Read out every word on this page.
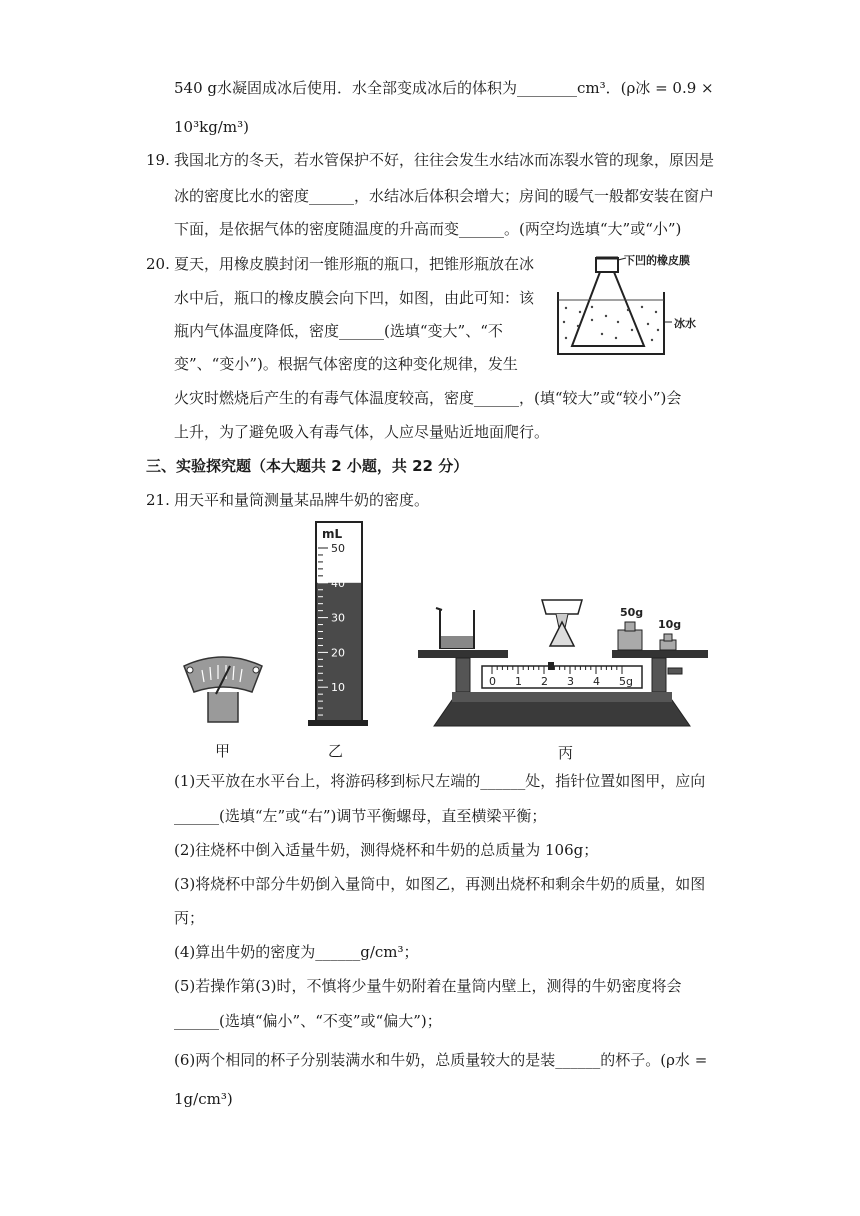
540 g水凝固成冰后使用．水全部变成冰后的体积为________cm³．(ρ冰 = 0.9 ×
10³kg/m³)
19. 我国北方的冬天，若水管保护不好，往往会发生水结冰而冻裂水管的现象，原因是
冰的密度比水的密度______，水结冰后体积会增大；房间的暖气一般都安装在窗户
下面，是依据气体的密度随温度的升高而变______。(两空均选填“大”或“小”)
20. 夏天，用橡皮膜封闭一锥形瓶的瓶口，把锥形瓶放在冰
水中后，瓶口的橡皮膜会向下凹，如图，由此可知：该
瓶内气体温度降低，密度______(选填“变大”、“不
变”、“变小”)。根据气体密度的这种变化规律，发生
火灾时燃烧后产生的有毒气体温度较高，密度______，(填“较大”或“较小”)会
上升，为了避免吸入有毒气体，人应尽量贴近地面爬行。
下凹的橡皮膜
冰水
三、实验探究题（本大题共 2 小题，共 22 分）
21. 用天平和量筒测量某品牌牛奶的密度。
甲
mL
50
40
30
20
10
乙
50g
10g
0 1 2 3 4 5g
丙
(1)天平放在水平台上，将游码移到标尺左端的______处，指针位置如图甲，应向
______(选填“左”或“右”)调节平衡螺母，直至横梁平衡；
(2)往烧杯中倒入适量牛奶，测得烧杯和牛奶的总质量为 106g；
(3)将烧杯中部分牛奶倒入量筒中，如图乙，再测出烧杯和剩余牛奶的质量，如图
丙；
(4)算出牛奶的密度为______g/cm³；
(5)若操作第(3)时，不慎将少量牛奶附着在量筒内壁上，测得的牛奶密度将会
______(选填“偏小”、“不变”或“偏大”)；
(6)两个相同的杯子分别装满水和牛奶，总质量较大的是装______的杯子。(ρ水 =
1g/cm³)
